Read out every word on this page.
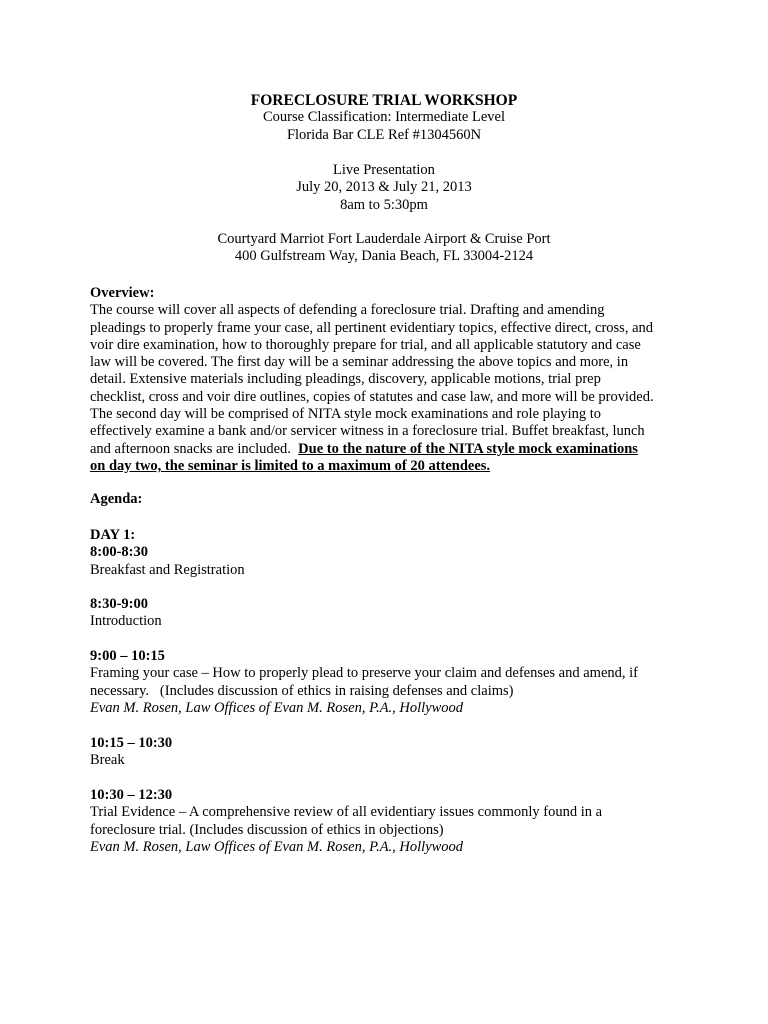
FORECLOSURE TRIAL WORKSHOP
Course Classification: Intermediate Level
Florida Bar CLE Ref #1304560N
Live Presentation
July 20, 2013 & July 21, 2013
8am to 5:30pm
Courtyard Marriot Fort Lauderdale Airport & Cruise Port
400 Gulfstream Way, Dania Beach, FL 33004-2124
Overview:
The course will cover all aspects of defending a foreclosure trial. Drafting and amending
pleadings to properly frame your case, all pertinent evidentiary topics, effective direct, cross, and
voir dire examination, how to thoroughly prepare for trial, and all applicable statutory and case
law will be covered. The first day will be a seminar addressing the above topics and more, in
detail. Extensive materials including pleadings, discovery, applicable motions, trial prep
checklist, cross and voir dire outlines, copies of statutes and case law, and more will be provided.
The second day will be comprised of NITA style mock examinations and role playing to
effectively examine a bank and/or servicer witness in a foreclosure trial. Buffet breakfast, lunch
and afternoon snacks are included.  Due to the nature of the NITA style mock examinations
on day two, the seminar is limited to a maximum of 20 attendees.
Agenda:
DAY 1:
8:00-8:30
Breakfast and Registration
8:30-9:00
Introduction
9:00 – 10:15
Framing your case – How to properly plead to preserve your claim and defenses and amend, if
necessary.   (Includes discussion of ethics in raising defenses and claims)
Evan M. Rosen, Law Offices of Evan M. Rosen, P.A., Hollywood
10:15 – 10:30
Break
10:30 – 12:30
Trial Evidence – A comprehensive review of all evidentiary issues commonly found in a
foreclosure trial. (Includes discussion of ethics in objections)
Evan M. Rosen, Law Offices of Evan M. Rosen, P.A., Hollywood
